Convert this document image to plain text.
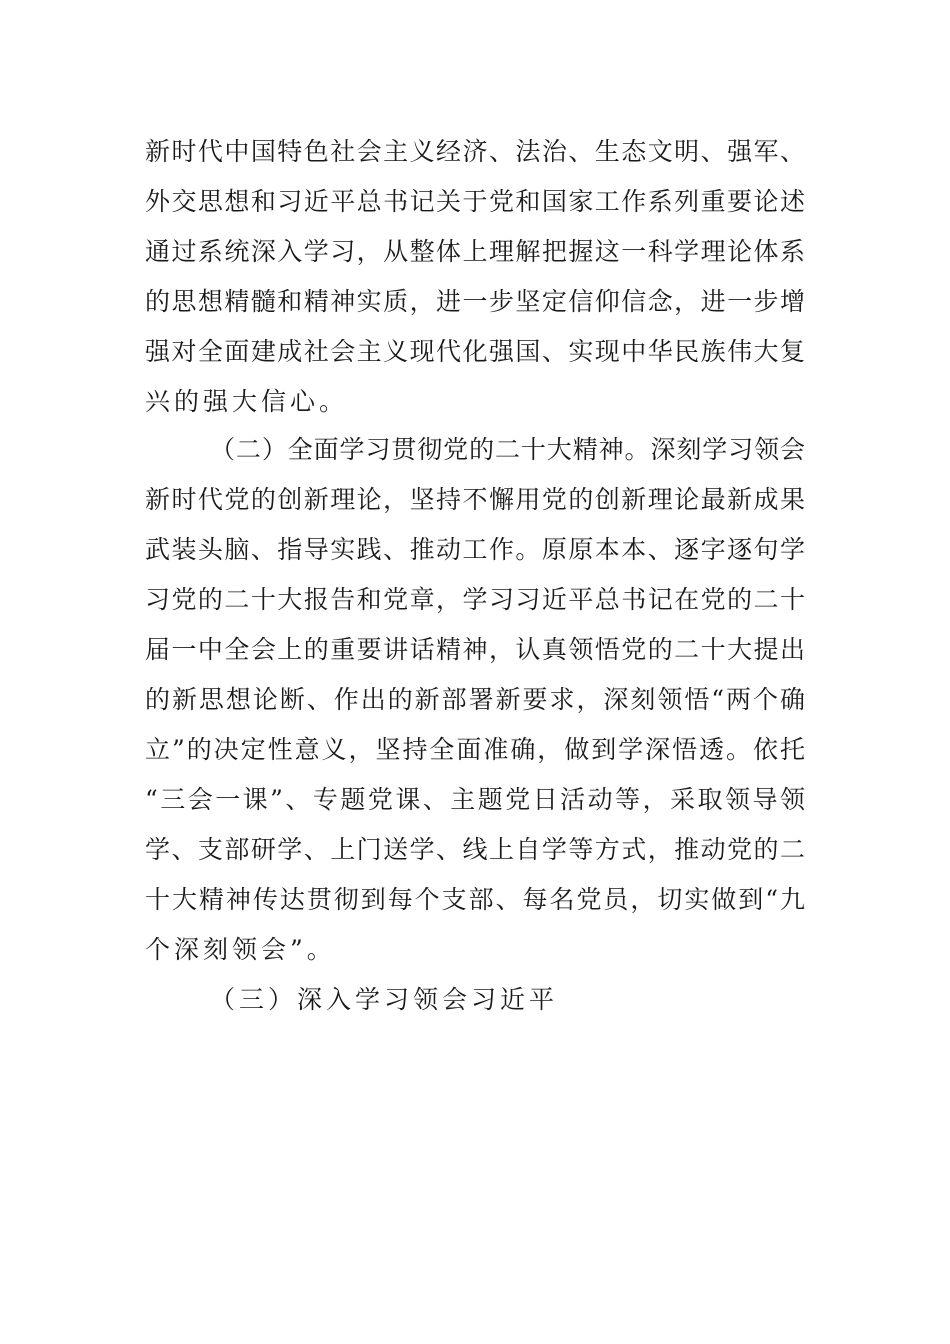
新时代中国特色社会主义经济、法治、生态文明、强军、
外交思想和习近平总书记关于党和国家工作系列重要论述
通过系统深入学习，从整体上理解把握这一科学理论体系
的思想精髓和精神实质，进一步坚定信仰信念，进一步增
强对全面建成社会主义现代化强国、实现中华民族伟大复
兴的强大信心。
（二）全面学习贯彻党的二十大精神。深刻学习领会
新时代党的创新理论，坚持不懈用党的创新理论最新成果
武装头脑、指导实践、推动工作。原原本本、逐字逐句学
习党的二十大报告和党章，学习习近平总书记在党的二十
届一中全会上的重要讲话精神，认真领悟党的二十大提出
的新思想论断、作出的新部署新要求，深刻领悟“两个确
立”的决定性意义，坚持全面准确，做到学深悟透。依托
“三会一课”、专题党课、主题党日活动等，采取领导领
学、支部研学、上门送学、线上自学等方式，推动党的二
十大精神传达贯彻到每个支部、每名党员，切实做到“九
个深刻领会”。
（三）深入学习领会习近平
